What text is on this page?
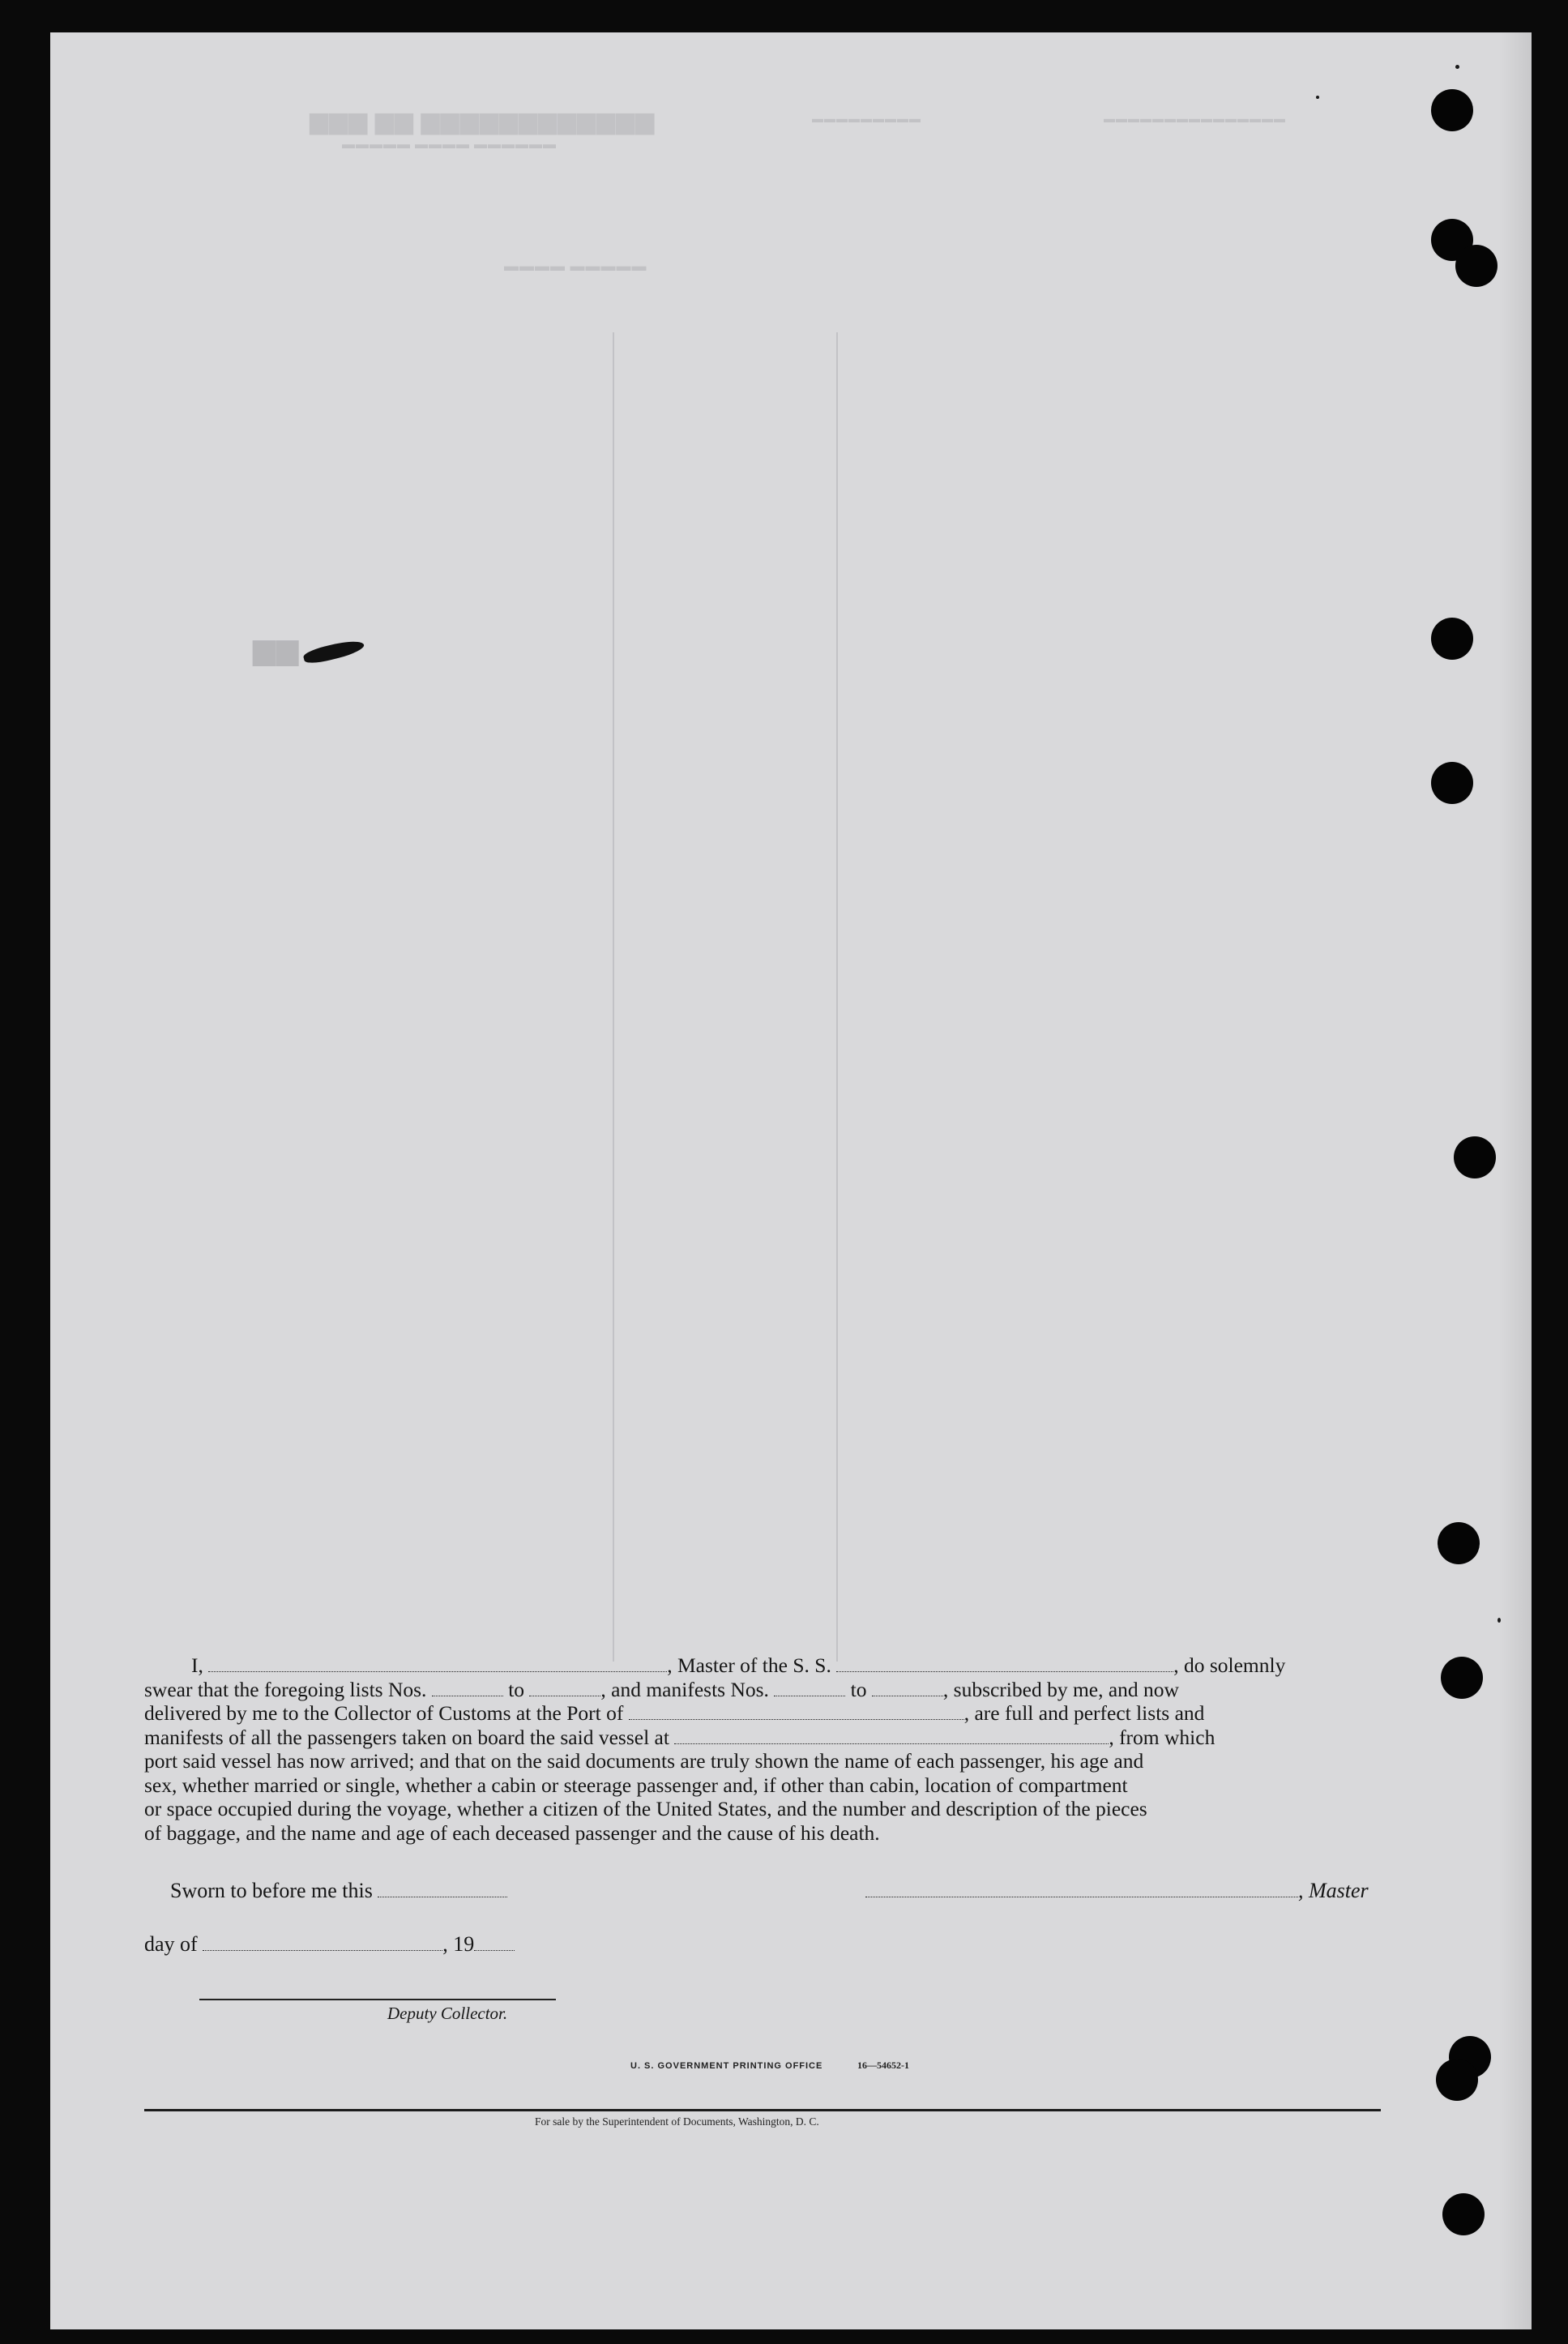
▆▆▆ ▆▆ ▆▆▆▆▆▆▆▆▆▆▆▆
▬▬▬▬▬ ▬▬▬▬ ▬▬▬▬▬▬
▬▬▬▬▬▬▬▬▬	▬▬▬▬▬▬▬▬▬▬▬▬▬▬▬
▬▬▬▬ ▬▬▬▬▬
▆▆
I,	, Master of the S. S.	, do solemnly
swear that the foregoing lists Nos.	to	, and manifests Nos.	to	, subscribed by me, and now
delivered by me to the Collector of Customs at the Port of	, are full and perfect lists and
manifests of all the passengers taken on board the said vessel at	, from which
port said vessel has now arrived; and that on the said documents are truly shown the name of each passenger, his age and
sex, whether married or single, whether a cabin or steerage passenger and, if other than cabin, location of compartment
or space occupied during the voyage, whether a citizen of the United States, and the number and description of the pieces
of baggage, and the name and age of each deceased passenger and the cause of his death.
Sworn to before me this	, Master
day of	, 19
Deputy Collector.
U. S. GOVERNMENT PRINTING OFFICE	16—54652-1
For sale by the Superintendent of Documents, Washington, D. C.
